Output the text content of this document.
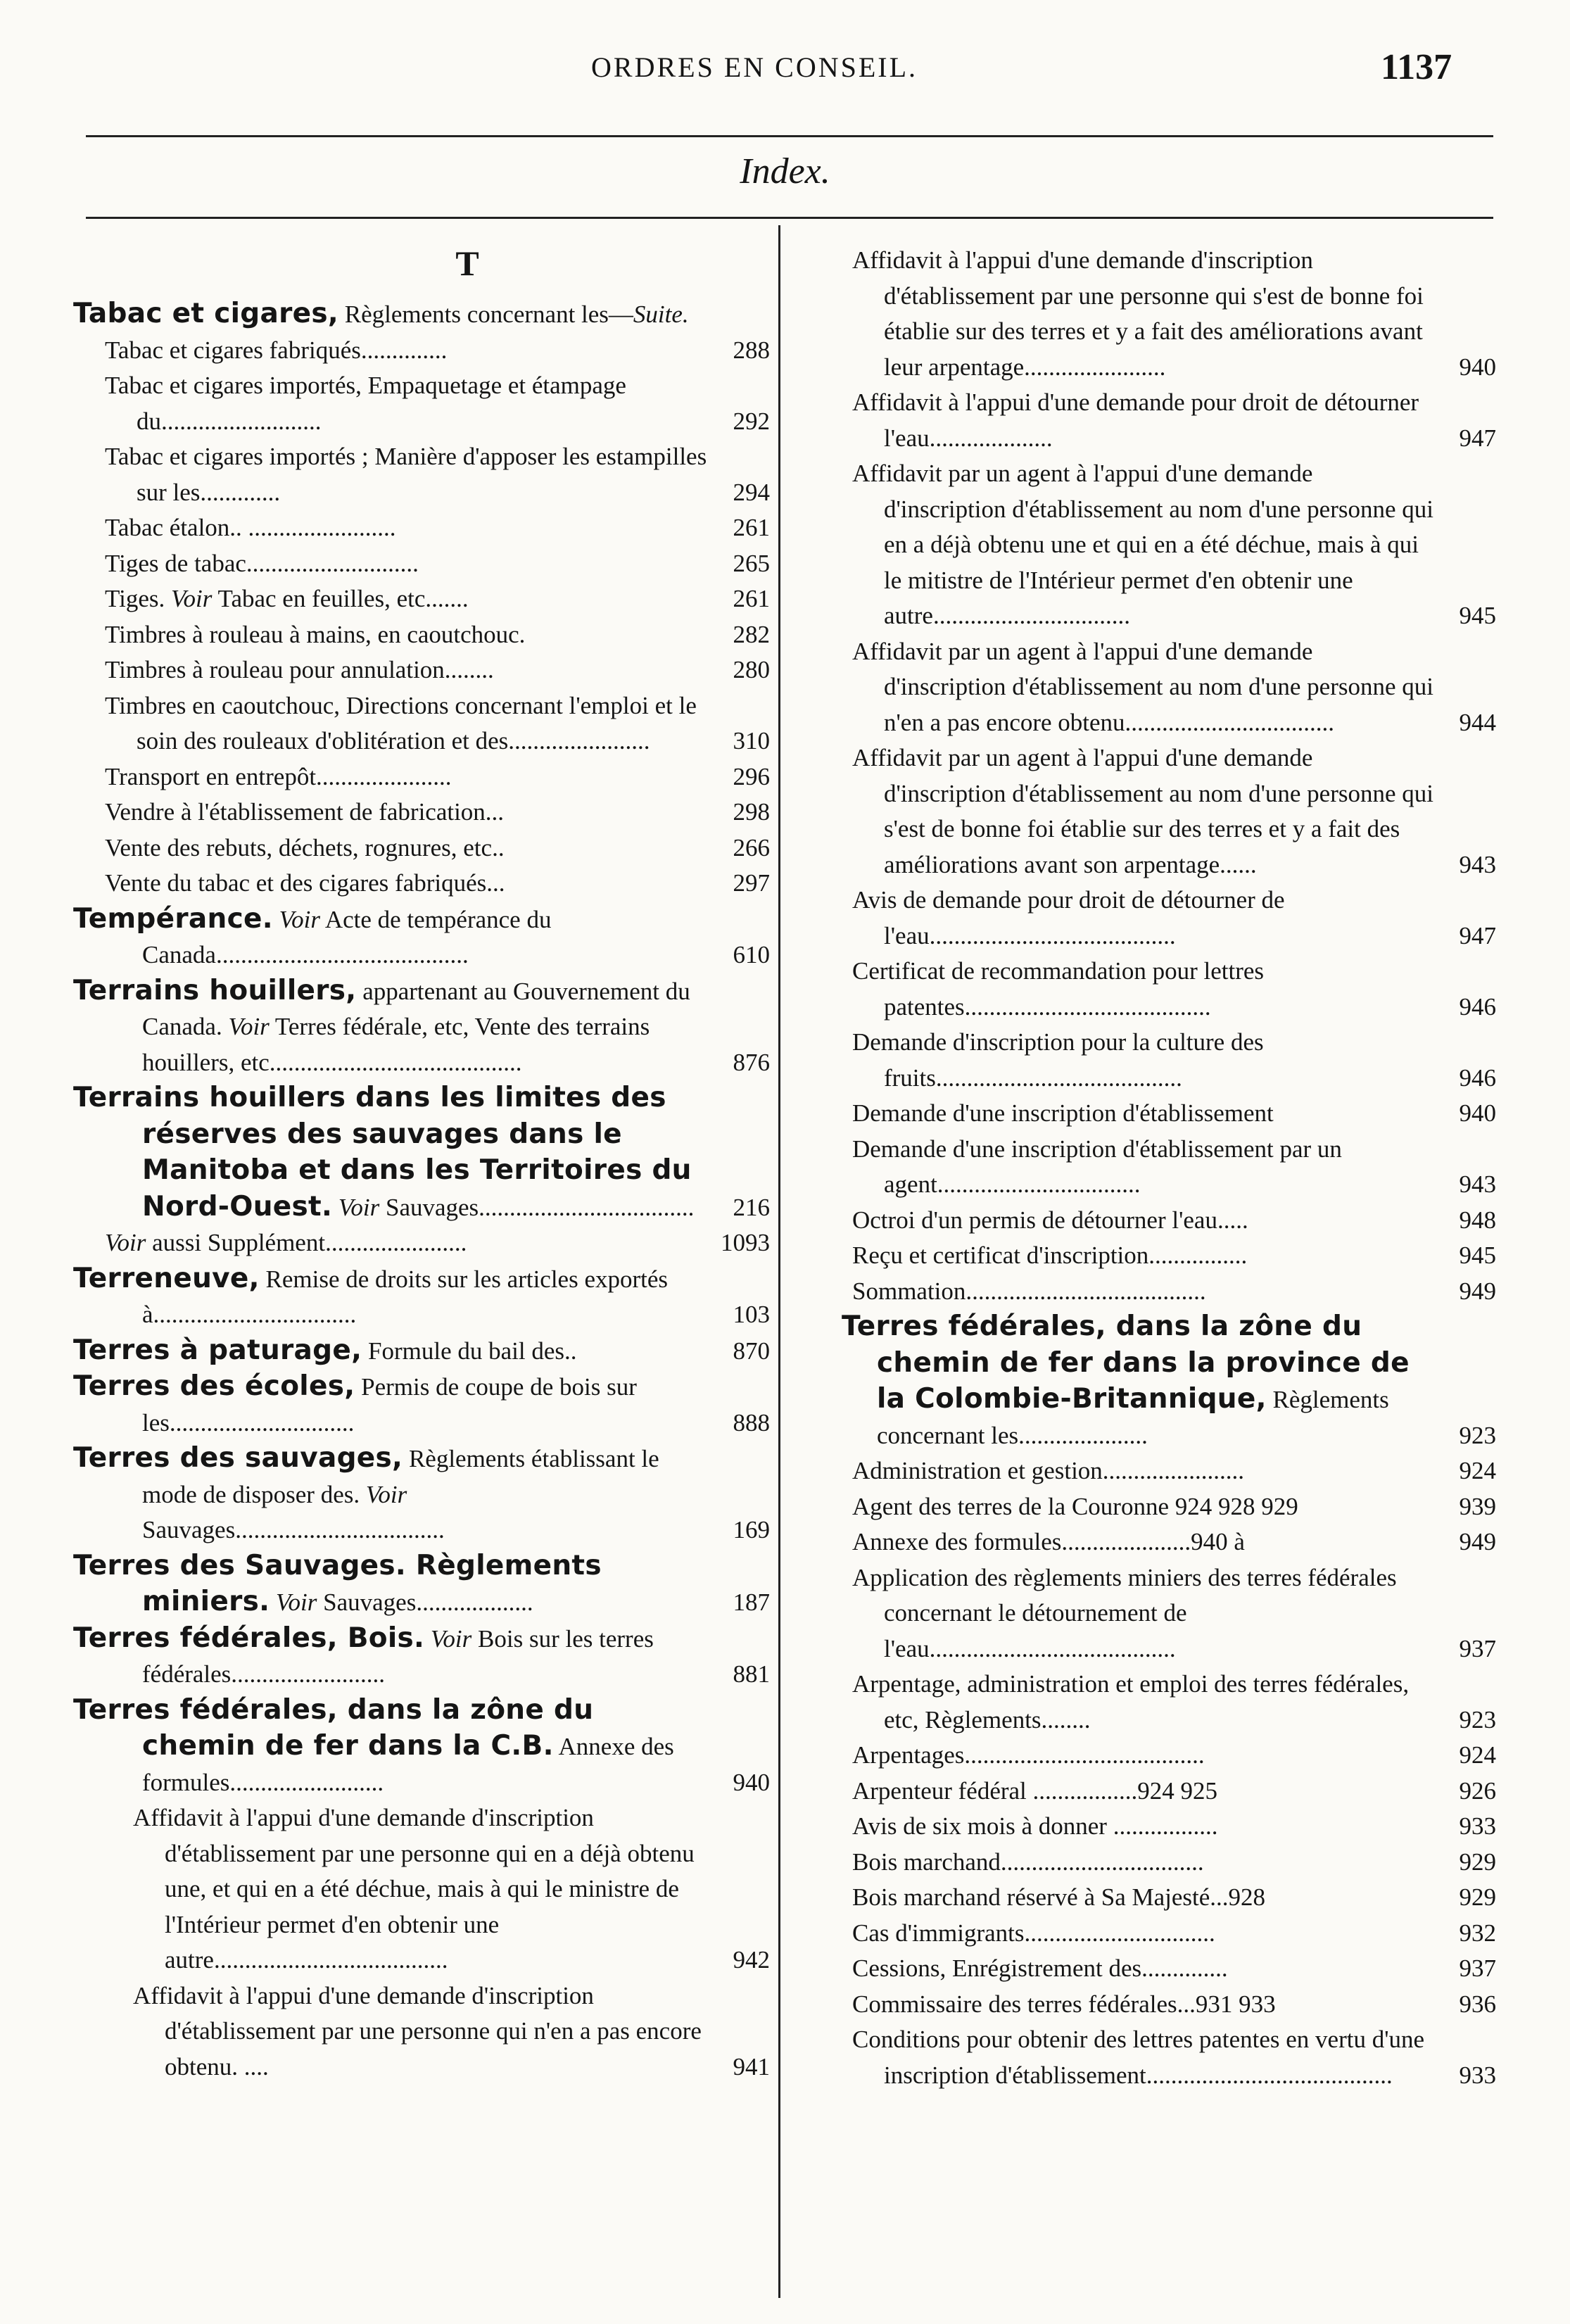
ORDRES EN CONSEIL.	1137
Index.
T
Tabac et cigares, Règlements concernant les—Suite.
Tabac et cigares fabriqués..............	288
Tabac et cigares importés, Empaquetage et étampage du..........................	292
Tabac et cigares importés ; Manière d'apposer les estampilles sur les.............	294
Tabac étalon.. ........................	261
Tiges de tabac............................	265
Tiges. Voir Tabac en feuilles, etc.......	261
Timbres à rouleau à mains, en caoutchouc.	282
Timbres à rouleau pour annulation........	280
Timbres en caoutchouc, Directions concernant l'emploi et le soin des rouleaux d'oblitération et des.......................	310
Transport en entrepôt......................	296
Vendre à l'établissement de fabrication...	298
Vente des rebuts, déchets, rognures, etc..	266
Vente du tabac et des cigares fabriqués...	297
Tempérance. Voir Acte de tempérance du Canada.........................................	610
Terrains houillers, appartenant au Gouvernement du Canada. Voir Terres fédérale, etc, Vente des terrains houillers, etc.........................................	876
Terrains houillers dans les limites des réserves des sauvages dans le Manitoba et dans les Territoires du Nord-Ouest. Voir Sauvages................................... 216
Voir aussi Supplément.......................	1093
Terreneuve, Remise de droits sur les articles exportés à.................................	103
Terres à paturage, Formule du bail des..	870
Terres des écoles, Permis de coupe de bois sur les..............................	888
Terres des sauvages, Règlements établissant le mode de disposer des. Voir Sauvages..................................	169
Terres des Sauvages. Règlements miniers. Voir Sauvages...................	187
Terres fédérales, Bois. Voir Bois sur les terres fédérales.........................	881
Terres fédérales, dans la zône du chemin de fer dans la C.B. Annexe des formules.........................	940
Affidavit à l'appui d'une demande d'inscription d'établissement par une personne qui en a déjà obtenu une, et qui en a été déchue, mais à qui le ministre de l'Intérieur permet d'en obtenir une autre......................................	942
Affidavit à l'appui d'une demande d'inscription d'établissement par une personne qui n'en a pas encore obtenu. ....	941
Affidavit à l'appui d'une demande d'inscription d'établissement par une personne qui s'est de bonne foi établie sur des terres et y a fait des améliorations avant leur arpentage.......................	940
Affidavit à l'appui d'une demande pour droit de détourner l'eau....................	947
Affidavit par un agent à l'appui d'une demande d'inscription d'établissement au nom d'une personne qui en a déjà obtenu une et qui en a été déchue, mais à qui le mitistre de l'Intérieur permet d'en obtenir une autre................................	945
Affidavit par un agent à l'appui d'une demande d'inscription d'établissement au nom d'une personne qui n'en a pas encore obtenu..................................	944
Affidavit par un agent à l'appui d'une demande d'inscription d'établissement au nom d'une personne qui s'est de bonne foi établie sur des terres et y a fait des améliorations avant son arpentage......	943
Avis de demande pour droit de détourner de l'eau........................................	947
Certificat de recommandation pour lettres patentes........................................	946
Demande d'inscription pour la culture des fruits........................................	946
Demande d'une inscription d'établissement	940
Demande d'une inscription d'établissement par un agent.................................	943
Octroi d'un permis de détourner l'eau.....	948
Reçu et certificat d'inscription................	945
Sommation.......................................	949
Terres fédérales, dans la zône du chemin de fer dans la province de la Colombie-Britannique, Règlements concernant les.....................	923
Administration et gestion.......................	924
Agent des terres de la Couronne 924 928 929	939
Annexe des formules.....................940 à	949
Application des règlements miniers des terres fédérales concernant le détournement de l'eau........................................	937
Arpentage, administration et emploi des terres fédérales, etc, Règlements........	923
Arpentages.......................................	924
Arpenteur fédéral .................924 925	926
Avis de six mois à donner .................	933
Bois marchand.................................	929
Bois marchand réservé à Sa Majesté...928	929
Cas d'immigrants...............................	932
Cessions, Enrégistrement des..............	937
Commissaire des terres fédérales...931 933	936
Conditions pour obtenir des lettres patentes en vertu d'une inscription d'établissement........................................	933
